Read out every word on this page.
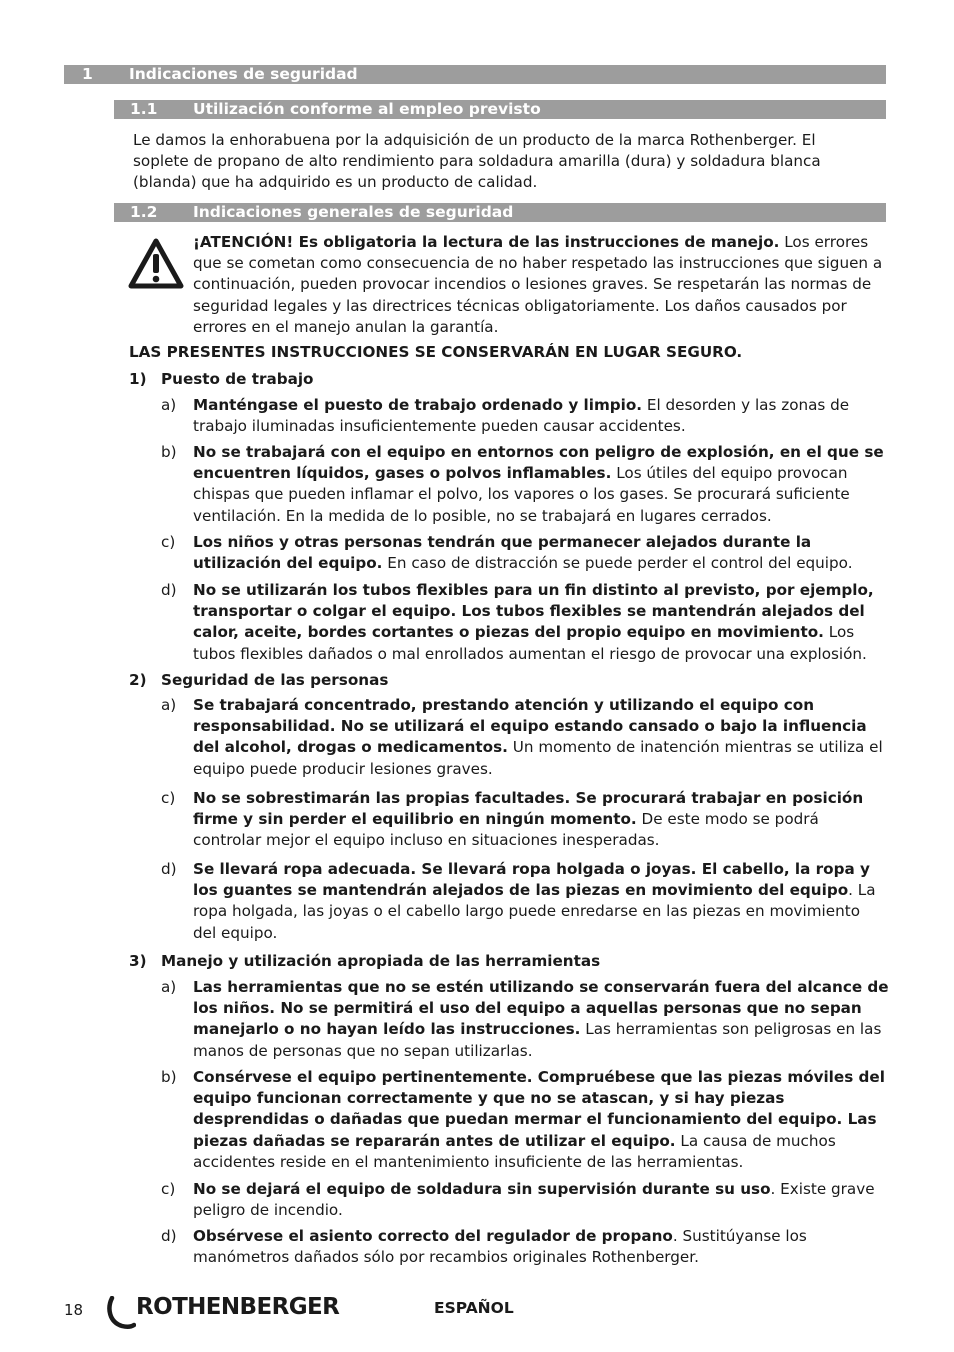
1 Indicaciones de seguridad
1.1 Utilización conforme al empleo previsto
Le damos la enhorabuena por la adquisición de un producto de la marca Rothenberger. El
soplete de propano de alto rendimiento para soldadura amarilla (dura) y soldadura blanca
(blanda) que ha adquirido es un producto de calidad.
1.2 Indicaciones generales de seguridad
¡ATENCIÓN! Es obligatoria la lectura de las instrucciones de manejo. Los errores
que se cometan como consecuencia de no haber respetado las instrucciones que siguen a
continuación, pueden provocar incendios o lesiones graves. Se respetarán las normas de
seguridad legales y las directrices técnicas obligatoriamente. Los daños causados por
errores en el manejo anulan la garantía.
LAS PRESENTES INSTRUCCIONES SE CONSERVARÁN EN LUGAR SEGURO.
1) Puesto de trabajo
a) Manténgase el puesto de trabajo ordenado y limpio. El desorden y las zonas de
trabajo iluminadas insuficientemente pueden causar accidentes.
b) No se trabajará con el equipo en entornos con peligro de explosión, en el que se
encuentren líquidos, gases o polvos inflamables. Los útiles del equipo provocan
chispas que pueden inflamar el polvo, los vapores o los gases. Se procurará suficiente
ventilación. En la medida de lo posible, no se trabajará en lugares cerrados.
c) Los niños y otras personas tendrán que permanecer alejados durante la
utilización del equipo. En caso de distracción se puede perder el control del equipo.
d) No se utilizarán los tubos flexibles para un fin distinto al previsto, por ejemplo,
transportar o colgar el equipo. Los tubos flexibles se mantendrán alejados del
calor, aceite, bordes cortantes o piezas del propio equipo en movimiento. Los
tubos flexibles dañados o mal enrollados aumentan el riesgo de provocar una explosión.
2) Seguridad de las personas
a) Se trabajará concentrado, prestando atención y utilizando el equipo con
responsabilidad. No se utilizará el equipo estando cansado o bajo la influencia
del alcohol, drogas o medicamentos. Un momento de inatención mientras se utiliza el
equipo puede producir lesiones graves.
c) No se sobrestimarán las propias facultades. Se procurará trabajar en posición
firme y sin perder el equilibrio en ningún momento. De este modo se podrá
controlar mejor el equipo incluso en situaciones inesperadas.
d) Se llevará ropa adecuada. Se llevará ropa holgada o joyas. El cabello, la ropa y
los guantes se mantendrán alejados de las piezas en movimiento del equipo. La
ropa holgada, las joyas o el cabello largo puede enredarse en las piezas en movimiento
del equipo.
3) Manejo y utilización apropiada de las herramientas
a) Las herramientas que no se estén utilizando se conservarán fuera del alcance de
los niños. No se permitirá el uso del equipo a aquellas personas que no sepan
manejarlo o no hayan leído las instrucciones. Las herramientas son peligrosas en las
manos de personas que no sepan utilizarlas.
b) Consérvese el equipo pertinentemente. Compruébese que las piezas móviles del
equipo funcionan correctamente y que no se atascan, y si hay piezas
desprendidas o dañadas que puedan mermar el funcionamiento del equipo. Las
piezas dañadas se repararán antes de utilizar el equipo. La causa de muchos
accidentes reside en el mantenimiento insuficiente de las herramientas.
c) No se dejará el equipo de soldadura sin supervisión durante su uso. Existe grave
peligro de incendio.
d) Obsérvese el asiento correcto del regulador de propano. Sustitúyanse los
manómetros dañados sólo por recambios originales Rothenberger.
18 ROTHENBERGER	ESPAÑOL
